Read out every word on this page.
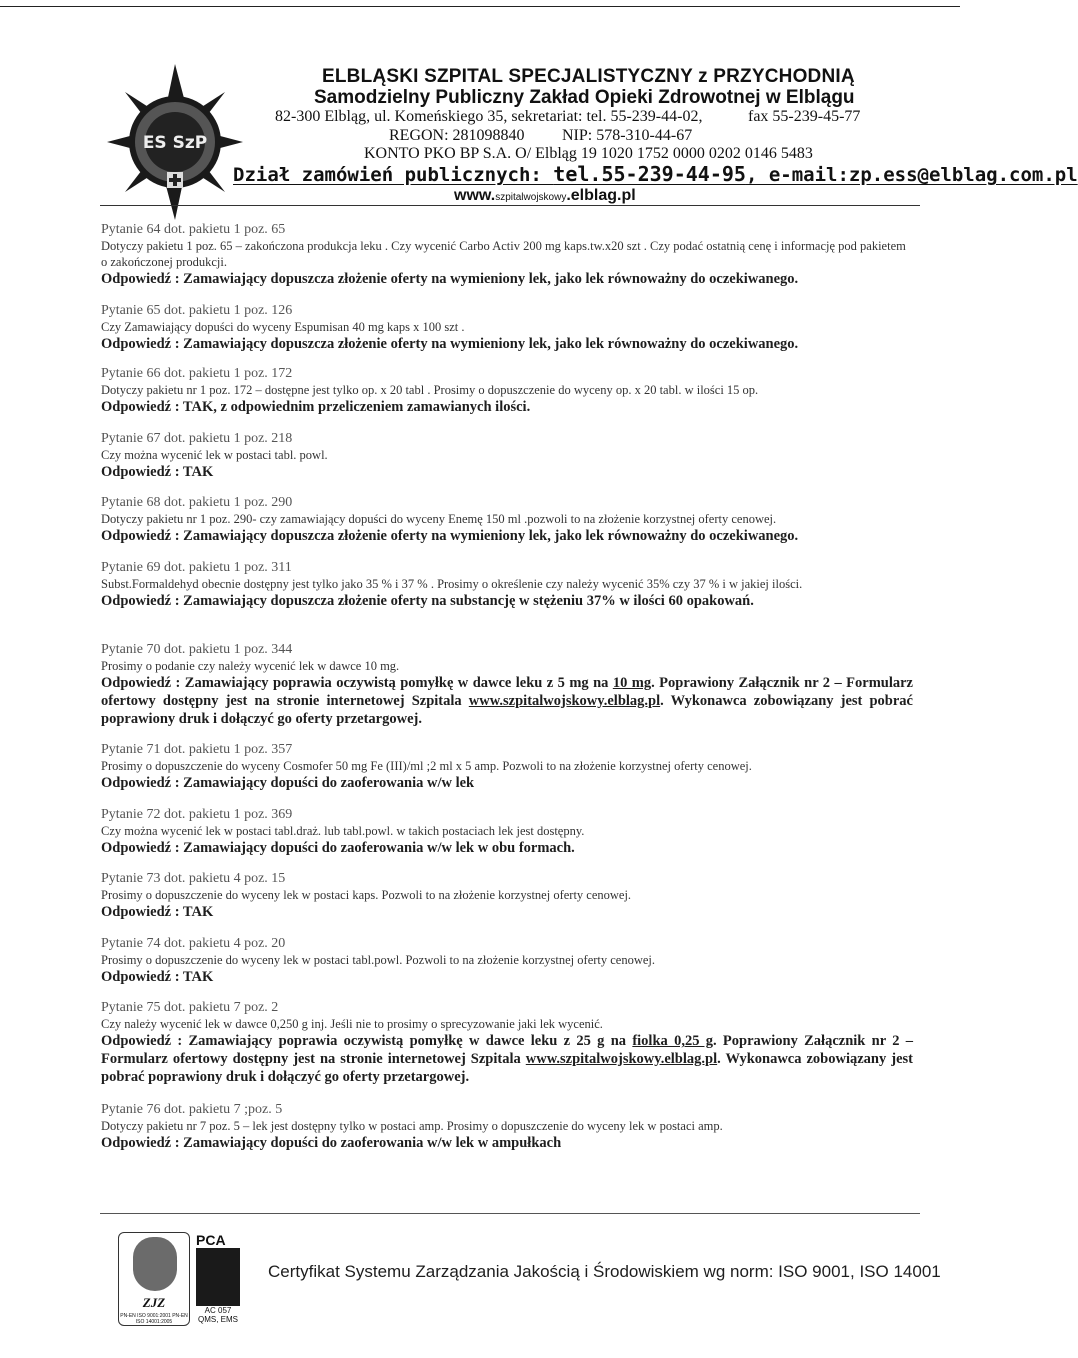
ES SzP
ELBLĄSKI SZPITAL SPECJALISTYCZNY z PRZYCHODNIĄ
Samodzielny Publiczny Zakład Opieki Zdrowotnej w Elblągu
82-300 Elbląg, ul. Komeńskiego 35, sekretariat: tel. 55-239-44-02,	fax 55-239-45-77
REGON: 281098840 NIP: 578-310-44-67
KONTO PKO BP S.A. O/ Elbląg 19 1020 1752 0000 0202 0146 5483
Dział zamówień publicznych: tel.55-239-44-95, e-mail:zp.ess@elblag.com.pl
www.szpitalwojskowy.elblag.pl
Pytanie 64 dot. pakietu 1 poz. 65
Dotyczy pakietu 1 poz. 65 – zakończona produkcja leku . Czy wycenić Carbo Activ 200 mg kaps.tw.x20 szt . Czy podać ostatnią cenę i informację pod pakietem o zakończonej produkcji.
Odpowiedź : Zamawiający dopuszcza złożenie oferty na wymieniony lek, jako lek równoważny do oczekiwanego.
Pytanie 65 dot. pakietu 1 poz. 126
Czy Zamawiający dopuści do wyceny Espumisan 40 mg kaps x 100 szt .
Odpowiedź : Zamawiający dopuszcza złożenie oferty na wymieniony lek, jako lek równoważny do oczekiwanego.
Pytanie 66 dot. pakietu 1 poz. 172
Dotyczy pakietu nr 1 poz. 172 – dostępne jest tylko op. x 20 tabl . Prosimy o dopuszczenie do wyceny op. x 20 tabl. w ilości 15 op.
Odpowiedź : TAK, z odpowiednim przeliczeniem zamawianych ilości.
Pytanie 67 dot. pakietu 1 poz. 218
Czy można wycenić lek w postaci tabl. powl.
Odpowiedź : TAK
Pytanie 68 dot. pakietu 1 poz. 290
Dotyczy pakietu nr 1 poz. 290- czy zamawiający dopuści do wyceny Enemę 150 ml .pozwoli to na złożenie korzystnej oferty cenowej.
Odpowiedź : Zamawiający dopuszcza złożenie oferty na wymieniony lek, jako lek równoważny do oczekiwanego.
Pytanie 69 dot. pakietu 1 poz. 311
Subst.Formaldehyd obecnie dostępny jest tylko jako 35 % i 37 % . Prosimy o określenie czy należy wycenić 35% czy 37 % i w jakiej ilości.
Odpowiedź : Zamawiający dopuszcza złożenie oferty na substancję w stężeniu 37% w ilości 60 opakowań.
Pytanie 70 dot. pakietu 1 poz. 344
Prosimy o podanie czy należy wycenić lek w dawce 10 mg.
Odpowiedź : Zamawiający poprawia oczywistą pomyłkę w dawce leku z 5 mg na 10 mg. Poprawiony Załącznik nr 2 – Formularz ofertowy dostępny jest na stronie internetowej Szpitala www.szpitalwojskowy.elblag.pl. Wykonawca zobowiązany jest pobrać poprawiony druk i dołączyć go oferty przetargowej.
Pytanie 71 dot. pakietu 1 poz. 357
Prosimy o dopuszczenie do wyceny Cosmofer 50 mg Fe (III)/ml ;2 ml x 5 amp. Pozwoli to na złożenie korzystnej oferty cenowej.
Odpowiedź : Zamawiający dopuści do zaoferowania w/w lek
Pytanie 72 dot. pakietu 1 poz. 369
Czy można wycenić lek w postaci tabl.draż. lub tabl.powl. w takich postaciach lek jest dostępny.
Odpowiedź : Zamawiający dopuści do zaoferowania w/w lek w obu formach.
Pytanie 73 dot. pakietu 4 poz. 15
Prosimy o dopuszczenie do wyceny lek w postaci kaps. Pozwoli to na złożenie korzystnej oferty cenowej.
Odpowiedź : TAK
Pytanie 74 dot. pakietu 4 poz. 20
Prosimy o dopuszczenie do wyceny lek w postaci tabl.powl. Pozwoli to na złożenie korzystnej oferty cenowej.
Odpowiedź : TAK
Pytanie 75 dot. pakietu 7 poz. 2
Czy należy wycenić lek w dawce 0,250 g inj. Jeśli nie to prosimy o sprecyzowanie jaki lek wycenić.
Odpowiedź : Zamawiający poprawia oczywistą pomyłkę w dawce leku z 25 g na fiolka 0,25 g. Poprawiony Załącznik nr 2 – Formularz ofertowy dostępny jest na stronie internetowej Szpitala www.szpitalwojskowy.elblag.pl. Wykonawca zobowiązany jest pobrać poprawiony druk i dołączyć go oferty przetargowej.
Pytanie 76 dot. pakietu 7 ;poz. 5
Dotyczy pakietu nr 7 poz. 5 – lek jest dostępny tylko w postaci amp. Prosimy o dopuszczenie do wyceny lek w postaci amp.
Odpowiedź : Zamawiający dopuści do zaoferowania w/w lek w ampułkach
ZJZ
PN-EN ISO 9001:2001 PN-EN ISO 14001:2005
PCA
AC 057
QMS, EMS
Certyfikat Systemu Zarządzania Jakością i Środowiskiem wg norm: ISO 9001, ISO 14001
